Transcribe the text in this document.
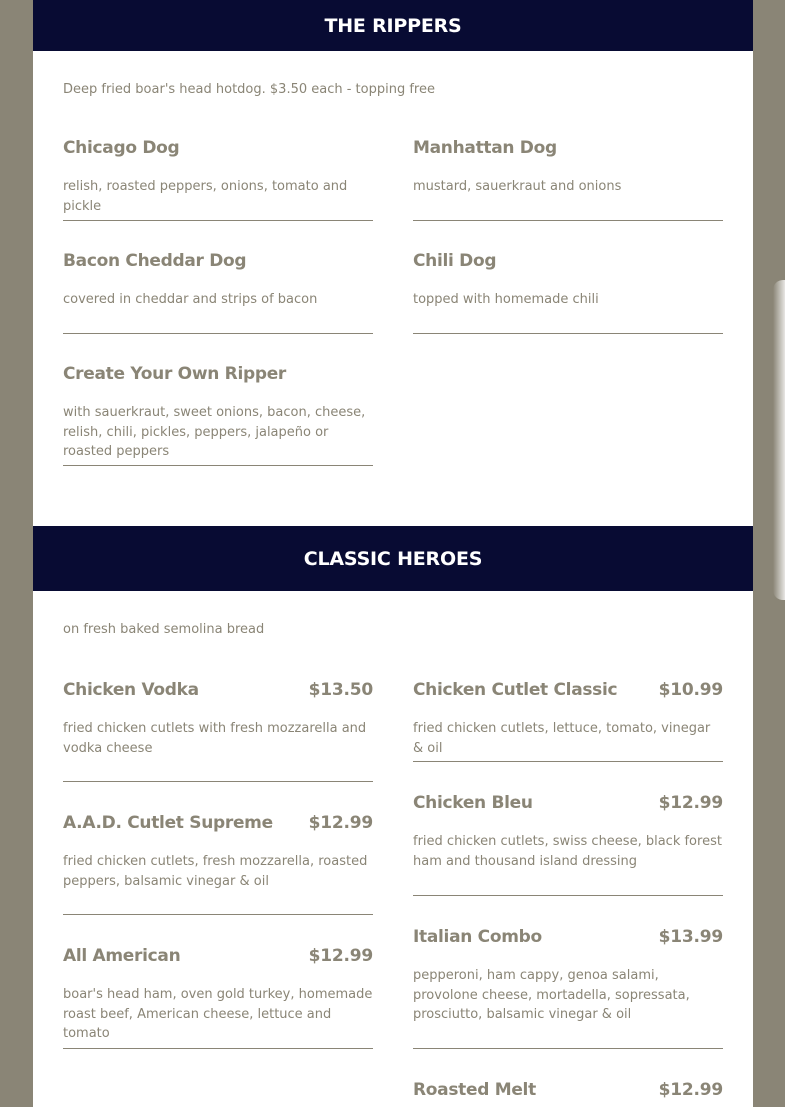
THE RIPPERS
Deep fried boar's head hotdog. $3.50 each - topping free
Chicago Dog
relish, roasted peppers, onions, tomato and pickle
Manhattan Dog
mustard, sauerkraut and onions
Bacon Cheddar Dog
covered in cheddar and strips of bacon
Chili Dog
topped with homemade chili
Create Your Own Ripper
with sauerkraut, sweet onions, bacon, cheese, relish, chili, pickles, peppers, jalapeño or roasted peppers
CLASSIC HEROES
on fresh baked semolina bread
Chicken Vodka	$13.50
fried chicken cutlets with fresh mozzarella and vodka cheese
Chicken Cutlet Classic $10.99
fried chicken cutlets, lettuce, tomato, vinegar & oil
Chicken Bleu	$12.99
fried chicken cutlets, swiss cheese, black forest ham and thousand island dressing
A.A.D. Cutlet Supreme $12.99
fried chicken cutlets, fresh mozzarella, roasted peppers, balsamic vinegar & oil
Italian Combo	$13.99
pepperoni, ham cappy, genoa salami, provolone cheese, mortadella, sopressata, prosciutto, balsamic vinegar & oil
All American	$12.99
boar's head ham, oven gold turkey, homemade roast beef, American cheese, lettuce and tomato
Roasted Melt	$12.99
